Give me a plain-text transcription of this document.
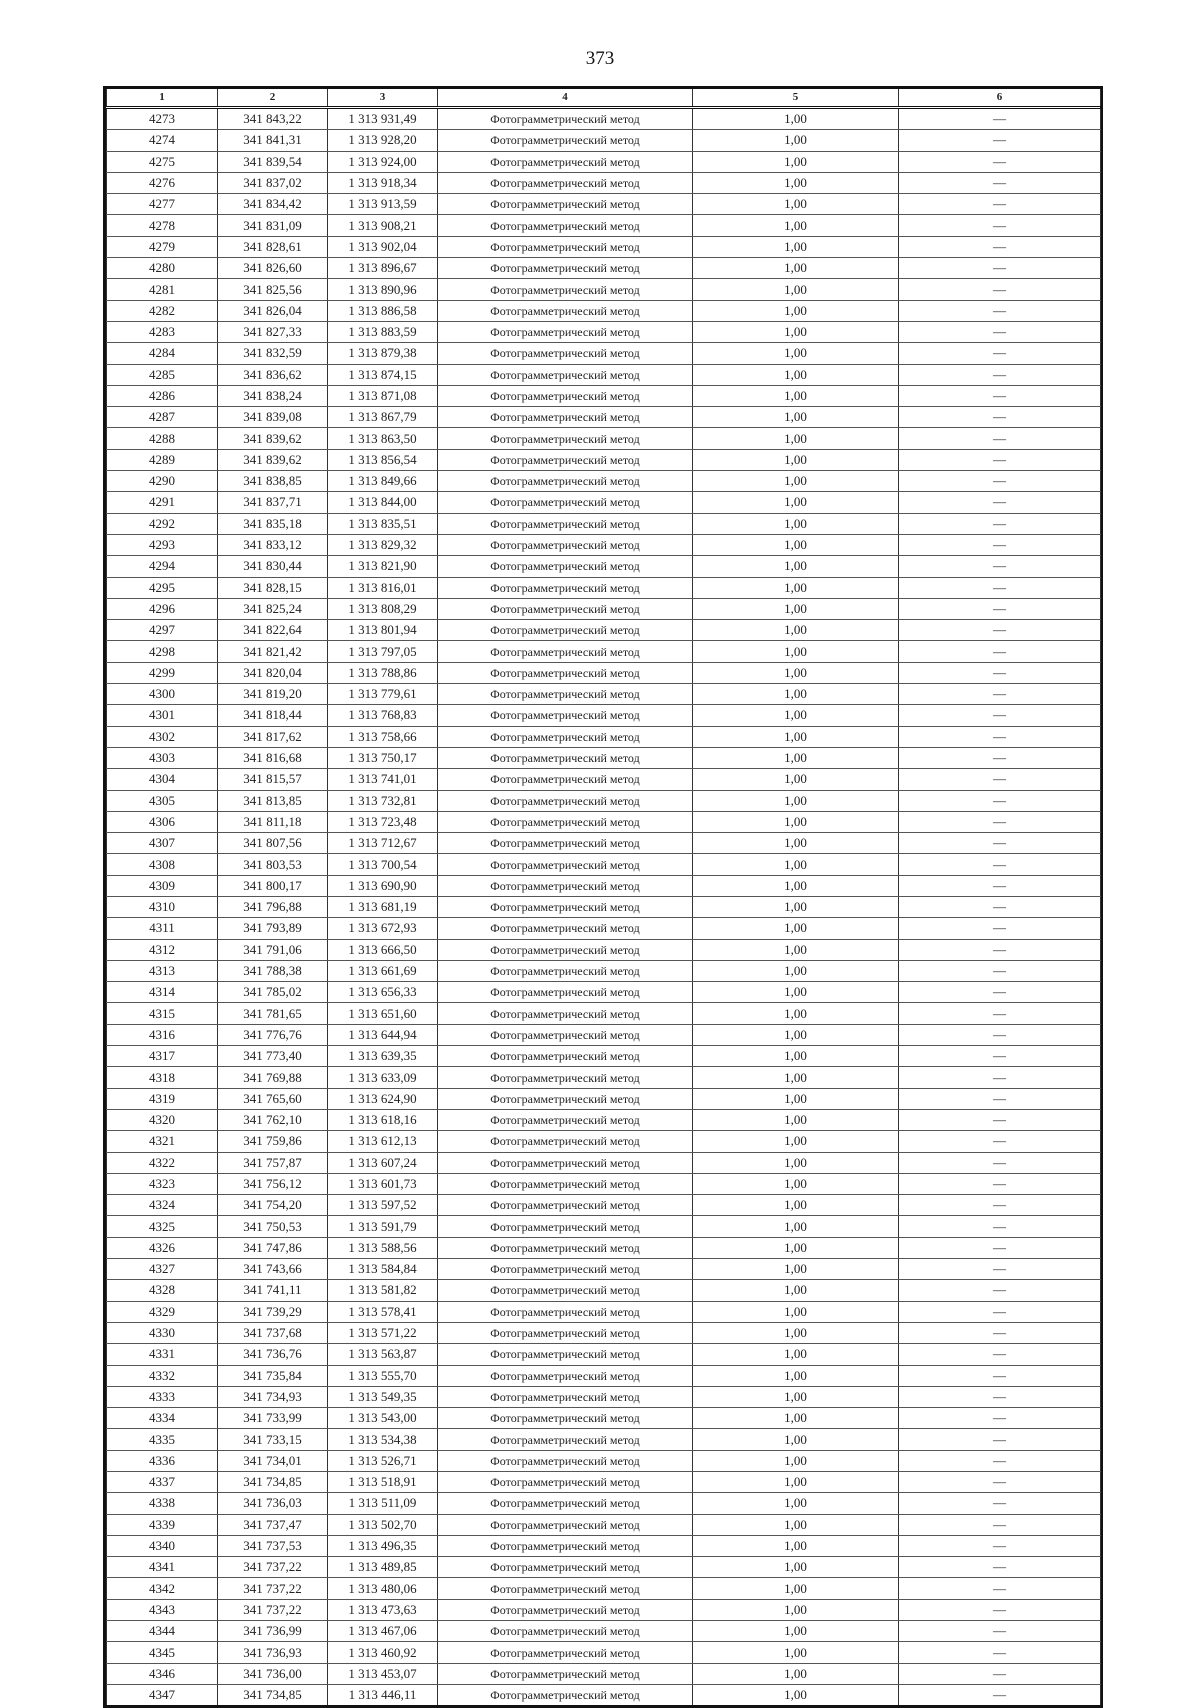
373
1	2	3	4	5	6
4273	341 843,22	1 313 931,49	Фотограмметрический метод	1,00	—
4274	341 841,31	1 313 928,20	Фотограмметрический метод	1,00	—
4275	341 839,54	1 313 924,00	Фотограмметрический метод	1,00	—
4276	341 837,02	1 313 918,34	Фотограмметрический метод	1,00	—
4277	341 834,42	1 313 913,59	Фотограмметрический метод	1,00	—
4278	341 831,09	1 313 908,21	Фотограмметрический метод	1,00	—
4279	341 828,61	1 313 902,04	Фотограмметрический метод	1,00	—
4280	341 826,60	1 313 896,67	Фотограмметрический метод	1,00	—
4281	341 825,56	1 313 890,96	Фотограмметрический метод	1,00	—
4282	341 826,04	1 313 886,58	Фотограмметрический метод	1,00	—
4283	341 827,33	1 313 883,59	Фотограмметрический метод	1,00	—
4284	341 832,59	1 313 879,38	Фотограмметрический метод	1,00	—
4285	341 836,62	1 313 874,15	Фотограмметрический метод	1,00	—
4286	341 838,24	1 313 871,08	Фотограмметрический метод	1,00	—
4287	341 839,08	1 313 867,79	Фотограмметрический метод	1,00	—
4288	341 839,62	1 313 863,50	Фотограмметрический метод	1,00	—
4289	341 839,62	1 313 856,54	Фотограмметрический метод	1,00	—
4290	341 838,85	1 313 849,66	Фотограмметрический метод	1,00	—
4291	341 837,71	1 313 844,00	Фотограмметрический метод	1,00	—
4292	341 835,18	1 313 835,51	Фотограмметрический метод	1,00	—
4293	341 833,12	1 313 829,32	Фотограмметрический метод	1,00	—
4294	341 830,44	1 313 821,90	Фотограмметрический метод	1,00	—
4295	341 828,15	1 313 816,01	Фотограмметрический метод	1,00	—
4296	341 825,24	1 313 808,29	Фотограмметрический метод	1,00	—
4297	341 822,64	1 313 801,94	Фотограмметрический метод	1,00	—
4298	341 821,42	1 313 797,05	Фотограмметрический метод	1,00	—
4299	341 820,04	1 313 788,86	Фотограмметрический метод	1,00	—
4300	341 819,20	1 313 779,61	Фотограмметрический метод	1,00	—
4301	341 818,44	1 313 768,83	Фотограмметрический метод	1,00	—
4302	341 817,62	1 313 758,66	Фотограмметрический метод	1,00	—
4303	341 816,68	1 313 750,17	Фотограмметрический метод	1,00	—
4304	341 815,57	1 313 741,01	Фотограмметрический метод	1,00	—
4305	341 813,85	1 313 732,81	Фотограмметрический метод	1,00	—
4306	341 811,18	1 313 723,48	Фотограмметрический метод	1,00	—
4307	341 807,56	1 313 712,67	Фотограмметрический метод	1,00	—
4308	341 803,53	1 313 700,54	Фотограмметрический метод	1,00	—
4309	341 800,17	1 313 690,90	Фотограмметрический метод	1,00	—
4310	341 796,88	1 313 681,19	Фотограмметрический метод	1,00	—
4311	341 793,89	1 313 672,93	Фотограмметрический метод	1,00	—
4312	341 791,06	1 313 666,50	Фотограмметрический метод	1,00	—
4313	341 788,38	1 313 661,69	Фотограмметрический метод	1,00	—
4314	341 785,02	1 313 656,33	Фотограмметрический метод	1,00	—
4315	341 781,65	1 313 651,60	Фотограмметрический метод	1,00	—
4316	341 776,76	1 313 644,94	Фотограмметрический метод	1,00	—
4317	341 773,40	1 313 639,35	Фотограмметрический метод	1,00	—
4318	341 769,88	1 313 633,09	Фотограмметрический метод	1,00	—
4319	341 765,60	1 313 624,90	Фотограмметрический метод	1,00	—
4320	341 762,10	1 313 618,16	Фотограмметрический метод	1,00	—
4321	341 759,86	1 313 612,13	Фотограмметрический метод	1,00	—
4322	341 757,87	1 313 607,24	Фотограмметрический метод	1,00	—
4323	341 756,12	1 313 601,73	Фотограмметрический метод	1,00	—
4324	341 754,20	1 313 597,52	Фотограмметрический метод	1,00	—
4325	341 750,53	1 313 591,79	Фотограмметрический метод	1,00	—
4326	341 747,86	1 313 588,56	Фотограмметрический метод	1,00	—
4327	341 743,66	1 313 584,84	Фотограмметрический метод	1,00	—
4328	341 741,11	1 313 581,82	Фотограмметрический метод	1,00	—
4329	341 739,29	1 313 578,41	Фотограмметрический метод	1,00	—
4330	341 737,68	1 313 571,22	Фотограмметрический метод	1,00	—
4331	341 736,76	1 313 563,87	Фотограмметрический метод	1,00	—
4332	341 735,84	1 313 555,70	Фотограмметрический метод	1,00	—
4333	341 734,93	1 313 549,35	Фотограмметрический метод	1,00	—
4334	341 733,99	1 313 543,00	Фотограмметрический метод	1,00	—
4335	341 733,15	1 313 534,38	Фотограмметрический метод	1,00	—
4336	341 734,01	1 313 526,71	Фотограмметрический метод	1,00	—
4337	341 734,85	1 313 518,91	Фотограмметрический метод	1,00	—
4338	341 736,03	1 313 511,09	Фотограмметрический метод	1,00	—
4339	341 737,47	1 313 502,70	Фотограмметрический метод	1,00	—
4340	341 737,53	1 313 496,35	Фотограмметрический метод	1,00	—
4341	341 737,22	1 313 489,85	Фотограмметрический метод	1,00	—
4342	341 737,22	1 313 480,06	Фотограмметрический метод	1,00	—
4343	341 737,22	1 313 473,63	Фотограмметрический метод	1,00	—
4344	341 736,99	1 313 467,06	Фотограмметрический метод	1,00	—
4345	341 736,93	1 313 460,92	Фотограмметрический метод	1,00	—
4346	341 736,00	1 313 453,07	Фотограмметрический метод	1,00	—
4347	341 734,85	1 313 446,11	Фотограмметрический метод	1,00	—
